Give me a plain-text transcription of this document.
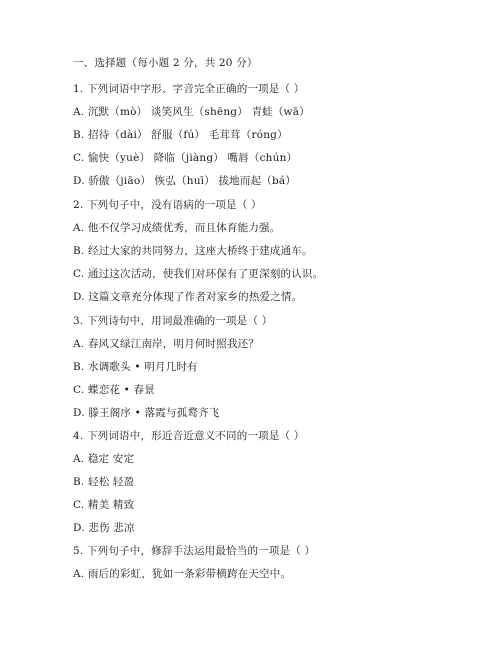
一、选择题（每小题 2 分，共 20 分）
1. 下列词语中字形、字音完全正确的一项是（ ）
A. 沉默（mò） 谈笑风生（shēng） 青蛙（wā）
B. 招待（dài） 舒服（fú） 毛茸茸（róng）
C. 愉快（yuè） 降临（jiàng） 嘴唇（chún）
D. 骄傲（jiāo） 恢弘（huī） 拔地而起（bá）
2. 下列句子中，没有语病的一项是（ ）
A. 他不仅学习成绩优秀，而且体育能力强。
B. 经过大家的共同努力，这座大桥终于建成通车。
C. 通过这次活动，使我们对环保有了更深刻的认识。
D. 这篇文章充分体现了作者对家乡的热爱之情。
3. 下列诗句中，用词最准确的一项是（ ）
A. 春风又绿江南岸，明月何时照我还？
B. 水调歌头 • 明月几时有
C. 蝶恋花 • 春景
D. 滕王阁序 • 落霞与孤鹜齐飞
4. 下列词语中，形近音近意义不同的一项是（ ）
A. 稳定 安定
B. 轻松 轻盈
C. 精美 精致
D. 悲伤 悲凉
5. 下列句子中，修辞手法运用最恰当的一项是（ ）
A. 雨后的彩虹，犹如一条彩带横跨在天空中。
